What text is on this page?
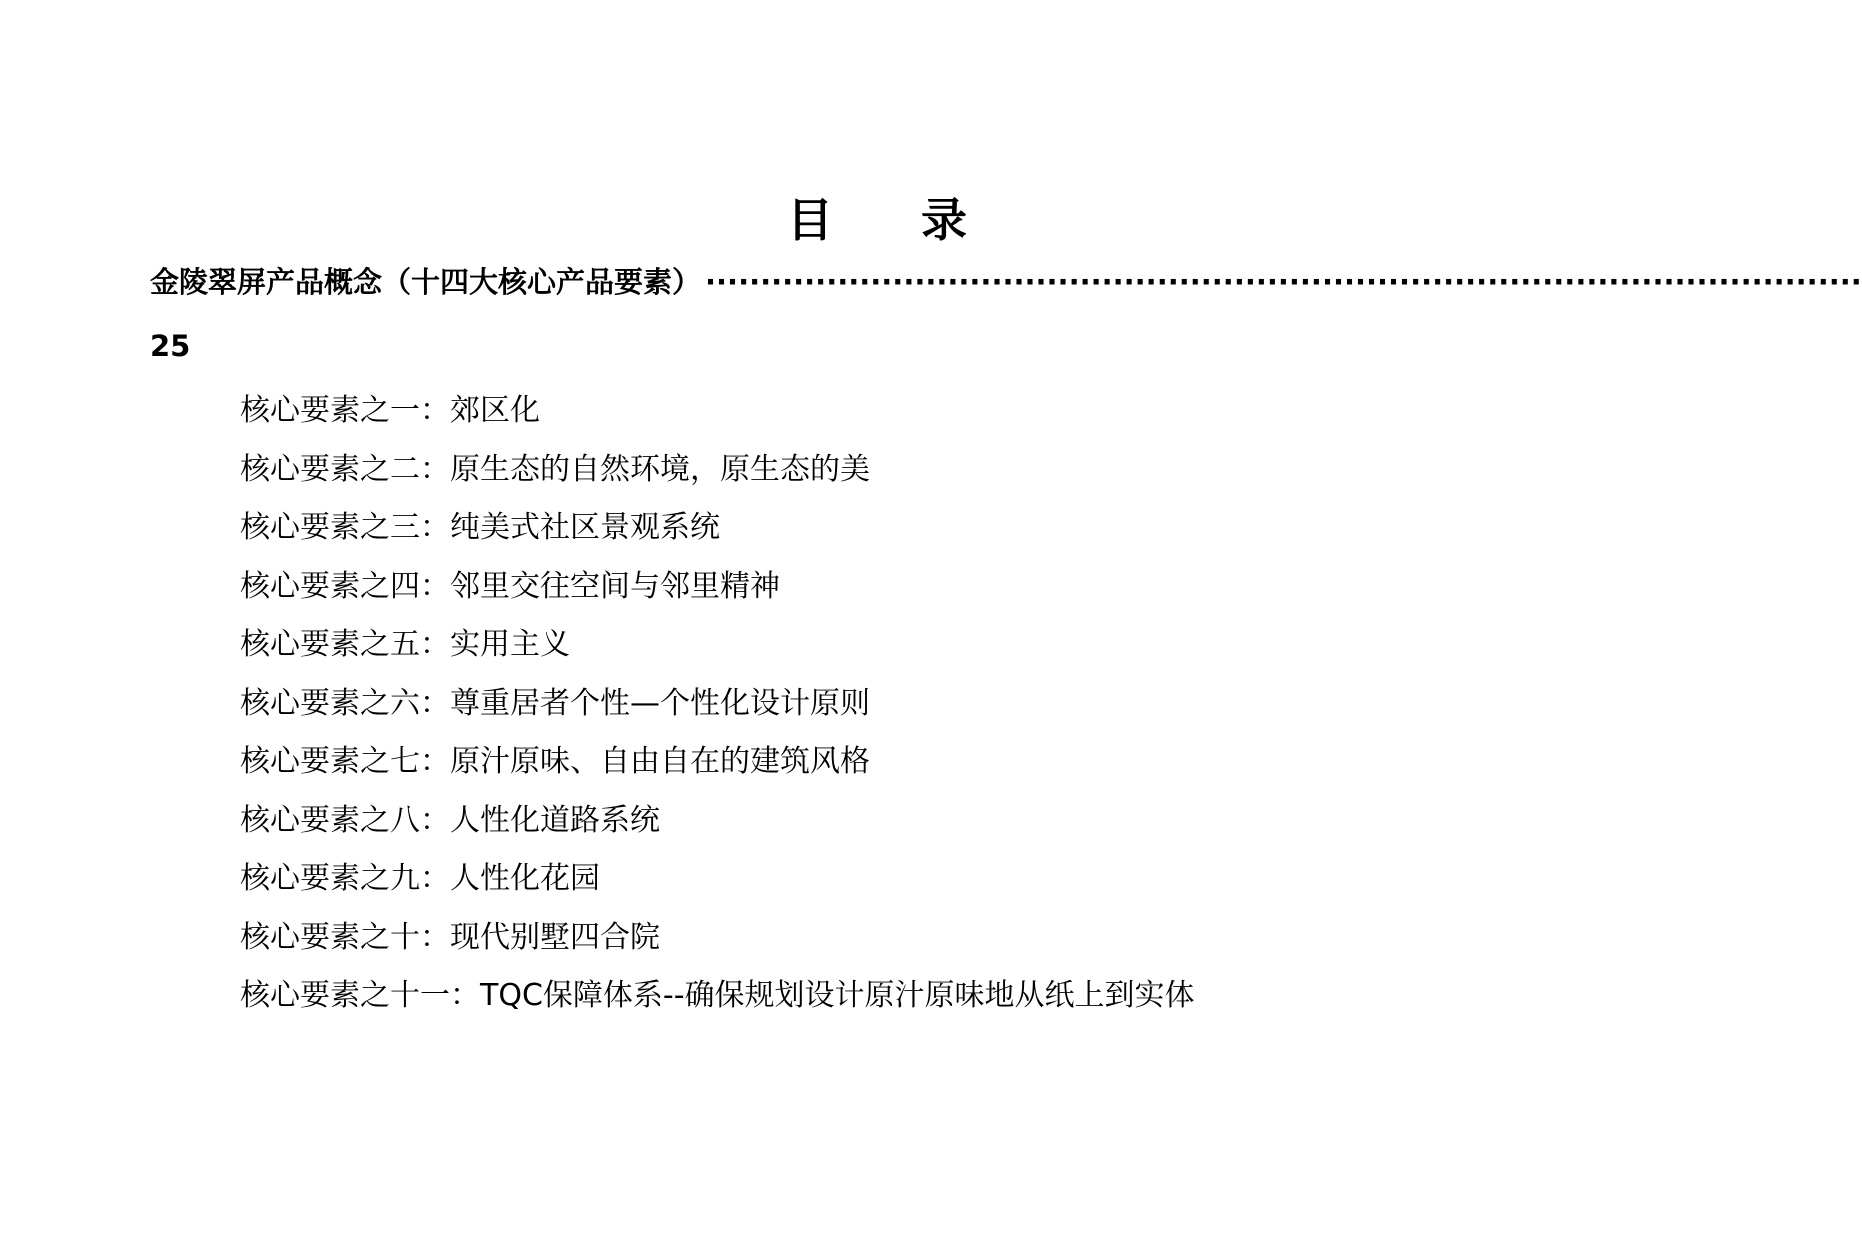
目 录
金陵翠屏产品概念（十四大核心产品要素） ·········································································································
25
核心要素之一：郊区化
核心要素之二：原生态的自然环境，原生态的美
核心要素之三：纯美式社区景观系统
核心要素之四：邻里交往空间与邻里精神
核心要素之五：实用主义
核心要素之六：尊重居者个性—个性化设计原则
核心要素之七：原汁原味、自由自在的建筑风格
核心要素之八：人性化道路系统
核心要素之九：人性化花园
核心要素之十：现代别墅四合院
核心要素之十一：TQC保障体系--确保规划设计原汁原味地从纸上到实体
